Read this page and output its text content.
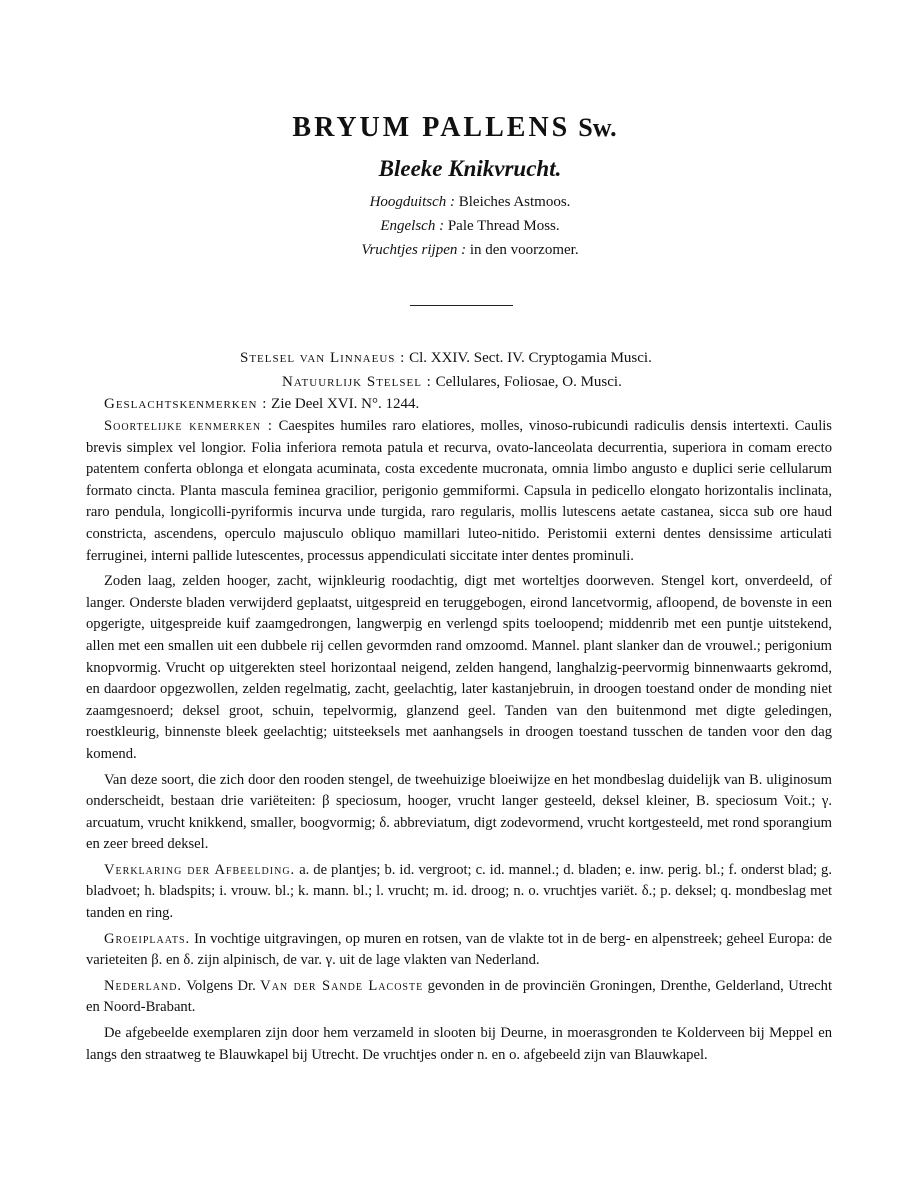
BRYUM PALLENS Sw.
Bleeke Knikvrucht.
Hoogduitsch : Bleiches Astmoos.
Engelsch : Pale Thread Moss.
Vruchtjes rijpen : in den voorzomer.
Stelsel van Linnaeus : Cl. XXIV. Sect. IV. Cryptogamia Musci.
Natuurlijk Stelsel : Cellulares, Foliosae, O. Musci.
Geslachtskenmerken : Zie Deel XVI. N°. 1244.

Soortelijke kenmerken : Caespites humiles raro elatiores, molles, vinoso-rubicundi radiculis densis intertexti. Caulis brevis simplex vel longior. Folia inferiora remota patula et recurva, ovato-lanceolata decurrentia, superiora in comam erecto patentem conferta oblonga et elongata acuminata, costa excedente mucronata, omnia limbo angusto e duplici serie cellularum formato cincta. Planta mascula feminea gracilior, perigonio gemmiformi. Capsula in pedicello elongato horizontalis inclinata, raro pendula, longicolli-pyriformis incurva unde turgida, raro regularis, mollis lutescens aetate castanea, sicca sub ore haud constricta, ascendens, operculo majusculo obliquo mamillari luteo-nitido. Peristomii externi dentes densissime articulati ferruginei, interni pallide lutescentes, processus appendiculati siccitate inter dentes prominuli.

Zoden laag, zelden hooger, zacht, wijnkleurig roodachtig, digt met worteltjes doorweven. Stengel kort, onverdeeld, of langer. Onderste bladen verwijderd geplaatst, uitgespreid en teruggebogen, eirond lancetvormig, afloopend, de bovenste in een opgerigte, uitgespreide kuif zaamgedrongen, langwerpig en verlengd spits toeloopend; middenrib met een puntje uitstekend, allen met een smallen uit een dubbele rij cellen gevormden rand omzoomd. Mannel. plant slanker dan de vrouwel.; perigonium knopvormig. Vrucht op uitgerekten steel horizontaal neigend, zelden hangend, langhalzig-peervormig binnenwaarts gekromd, en daardoor opgezwollen, zelden regelmatig, zacht, geelachtig, later kastanjebruin, in droogen toestand onder de monding niet zaamgesnoerd; deksel groot, schuin, tepelvormig, glanzend geel. Tanden van den buitenmond met digte geledingen, roestkleurig, binnenste bleek geelachtig; uitsteeksels met aanhangsels in droogen toestand tusschen de tanden voor den dag komend.

Van deze soort, die zich door den rooden stengel, de tweehuizige bloeiwijze en het mondbeslag duidelijk van B. uliginosum onderscheidt, bestaan drie variëteiten: β speciosum, hooger, vrucht langer gesteeld, deksel kleiner, B. speciosum Voit.; γ. arcuatum, vrucht knikkend, smaller, boogvormig; δ. abbreviatum, digt zodevormend, vrucht kortgesteeld, met rond sporangium en zeer breed deksel.

Verklaring der Afbeelding. a. de plantjes; b. id. vergroot; c. id. mannel.; d. bladen; e. inw. perig. bl.; f. onderst blad; g. bladvoet; h. bladspits; i. vrouw. bl.; k. mann. bl.; l. vrucht; m. id. droog; n. o. vruchtjes variët. δ.; p. deksel; q. mondbeslag met tanden en ring.

Groeiplaats. In vochtige uitgravingen, op muren en rotsen, van de vlakte tot in de berg- en alpenstreek; geheel Europa: de varieteiten β. en δ. zijn alpinisch, de var. γ. uit de lage vlakten van Nederland.

Nederland. Volgens Dr. Van der Sande Lacoste gevonden in de provinciën Groningen, Drenthe, Gelderland, Utrecht en Noord-Brabant.

De afgebeelde exemplaren zijn door hem verzameld in slooten bij Deurne, in moerasgronden te Kolderveen bij Meppel en langs den straatweg te Blauwkapel bij Utrecht. De vruchtjes onder n. en o. afgebeeld zijn van Blauwkapel.
